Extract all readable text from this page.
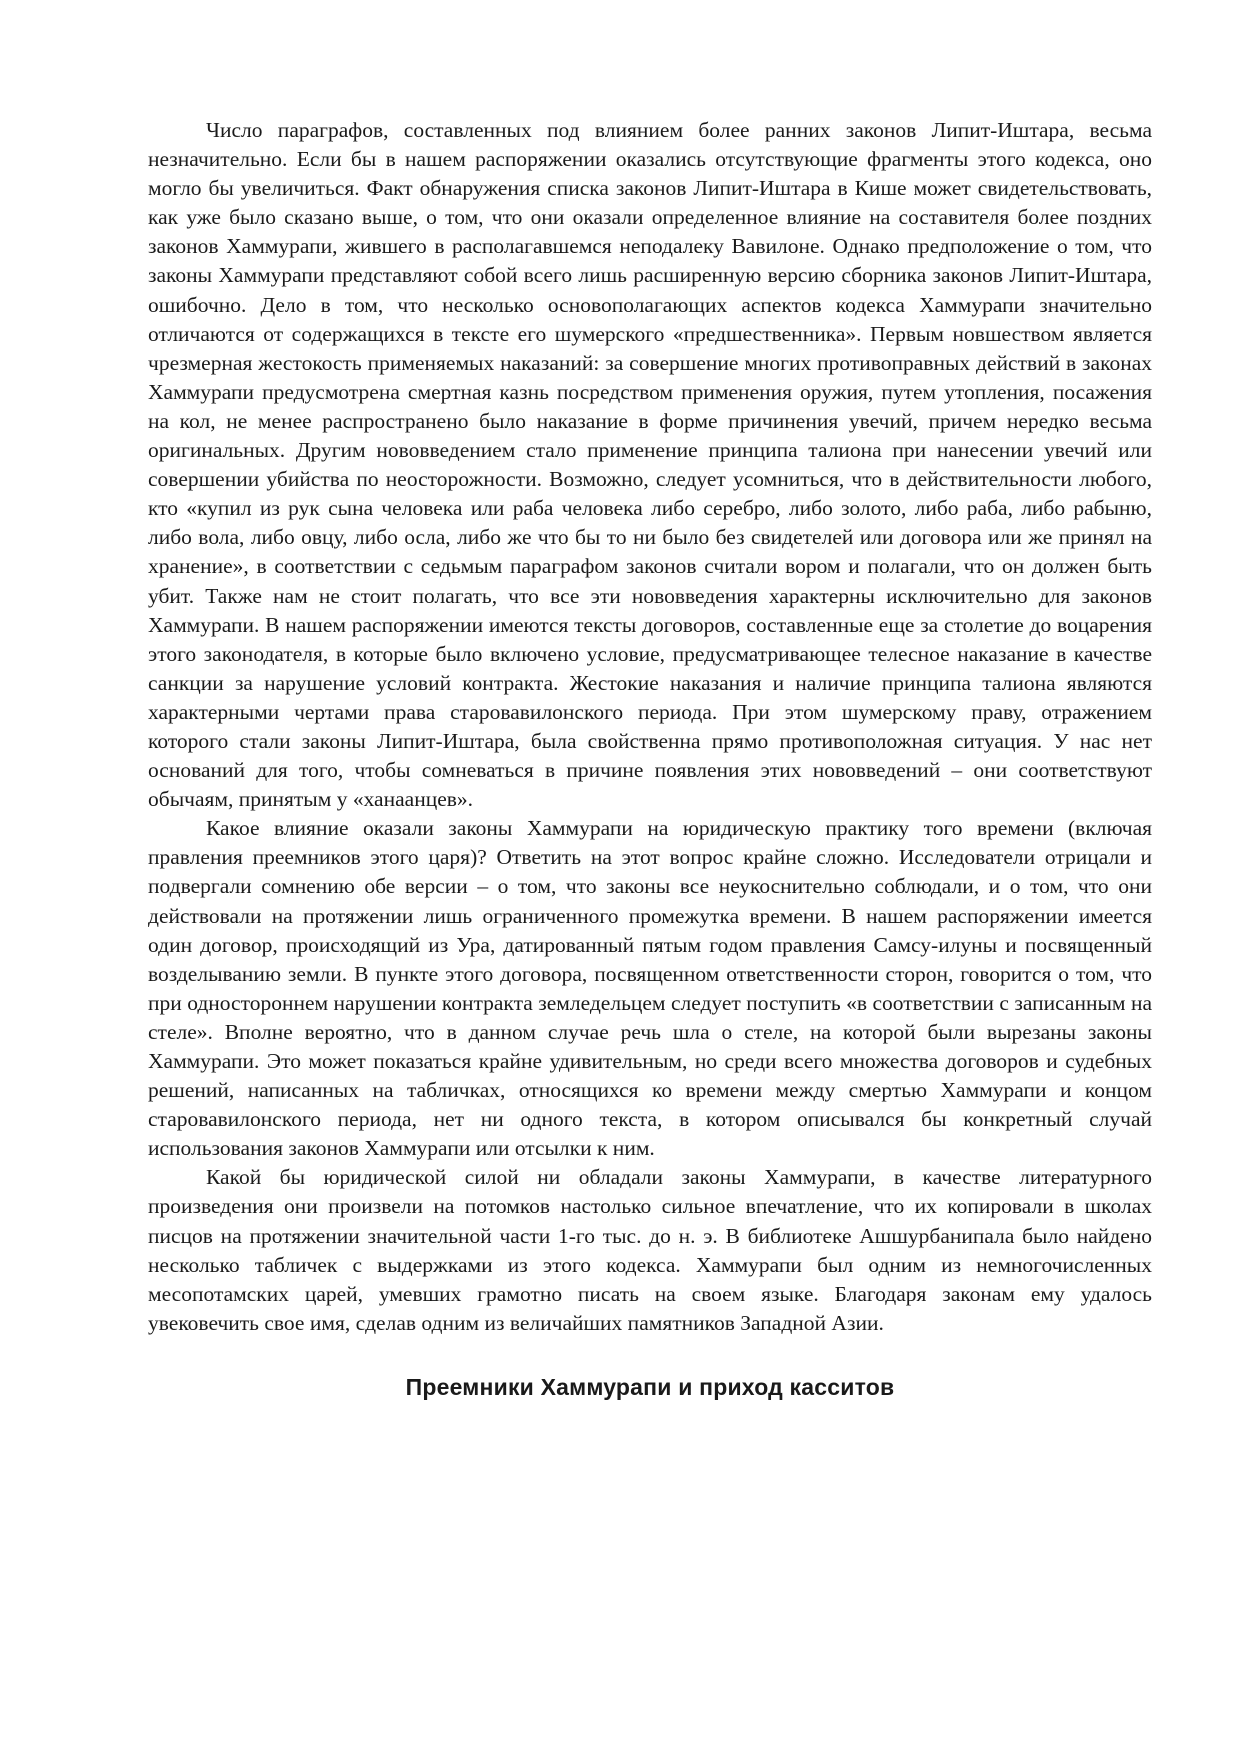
Число параграфов, составленных под влиянием более ранних законов Липит-Иштара, весьма незначительно. Если бы в нашем распоряжении оказались отсутствующие фрагменты этого кодекса, оно могло бы увеличиться. Факт обнаружения списка законов Липит-Иштара в Кише может свидетельствовать, как уже было сказано выше, о том, что они оказали определенное влияние на составителя более поздних законов Хаммурапи, жившего в располагавшемся неподалеку Вавилоне. Однако предположение о том, что законы Хаммурапи представляют собой всего лишь расширенную версию сборника законов Липит-Иштара, ошибочно. Дело в том, что несколько основополагающих аспектов кодекса Хаммурапи значительно отличаются от содержащихся в тексте его шумерского «предшественника». Первым новшеством является чрезмерная жестокость применяемых наказаний: за совершение многих противоправных действий в законах Хаммурапи предусмотрена смертная казнь посредством применения оружия, путем утопления, посажения на кол, не менее распространено было наказание в форме причинения увечий, причем нередко весьма оригинальных. Другим нововведением стало применение принципа талиона при нанесении увечий или совершении убийства по неосторожности. Возможно, следует усомниться, что в действительности любого, кто «купил из рук сына человека или раба человека либо серебро, либо золото, либо раба, либо рабыню, либо вола, либо овцу, либо осла, либо же что бы то ни было без свидетелей или договора или же принял на хранение», в соответствии с седьмым параграфом законов считали вором и полагали, что он должен быть убит. Также нам не стоит полагать, что все эти нововведения характерны исключительно для законов Хаммурапи. В нашем распоряжении имеются тексты договоров, составленные еще за столетие до воцарения этого законодателя, в которые было включено условие, предусматривающее телесное наказание в качестве санкции за нарушение условий контракта. Жестокие наказания и наличие принципа талиона являются характерными чертами права старовавилонского периода. При этом шумерскому праву, отражением которого стали законы Липит-Иштара, была свойственна прямо противоположная ситуация. У нас нет оснований для того, чтобы сомневаться в причине появления этих нововведений – они соответствуют обычаям, принятым у «ханаанцев».

Какое влияние оказали законы Хаммурапи на юридическую практику того времени (включая правления преемников этого царя)? Ответить на этот вопрос крайне сложно. Исследователи отрицали и подвергали сомнению обе версии – о том, что законы все неукоснительно соблюдали, и о том, что они действовали на протяжении лишь ограниченного промежутка времени. В нашем распоряжении имеется один договор, происходящий из Ура, датированный пятым годом правления Самсу-илуны и посвященный возделыванию земли. В пункте этого договора, посвященном ответственности сторон, говорится о том, что при одностороннем нарушении контракта земледельцем следует поступить «в соответствии с записанным на стеле». Вполне вероятно, что в данном случае речь шла о стеле, на которой были вырезаны законы Хаммурапи. Это может показаться крайне удивительным, но среди всего множества договоров и судебных решений, написанных на табличках, относящихся ко времени между смертью Хаммурапи и концом старовавилонского периода, нет ни одного текста, в котором описывался бы конкретный случай использования законов Хаммурапи или отсылки к ним.

Какой бы юридической силой ни обладали законы Хаммурапи, в качестве литературного произведения они произвели на потомков настолько сильное впечатление, что их копировали в школах писцов на протяжении значительной части 1-го тыс. до н. э. В библиотеке Ашшурбанипала было найдено несколько табличек с выдержками из этого кодекса. Хаммурапи был одним из немногочисленных месопотамских царей, умевших грамотно писать на своем языке. Благодаря законам ему удалось увековечить свое имя, сделав одним из величайших памятников Западной Азии.

Преемники Хаммурапи и приход касситов
